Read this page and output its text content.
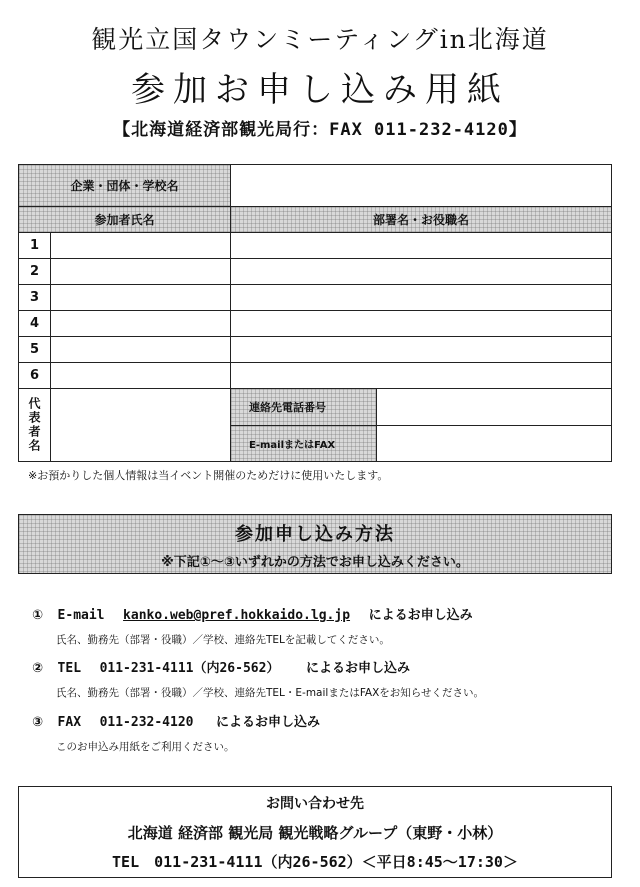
観光立国タウンミーティングin北海道
参加お申し込み用紙
【北海道経済部観光局行：FAX 011-232-4120】
企業・団体・学校名
参加者氏名	部署名・お役職名
1
2
3
4
5
6
代表者名	連絡先電話番号
E-mailまたはFAX
※お預かりした個人情報は当イベント開催のためだけに使用いたします。
参加申し込み方法
※下記①～③いずれかの方法でお申し込みください。
① E-mail kanko.web@pref.hokkaido.lg.jp によるお申し込み
氏名、勤務先（部署・役職）／学校、連絡先TELを記載してください。
② TEL 011-231-4111（内26-562） によるお申し込み
氏名、勤務先（部署・役職）／学校、連絡先TEL・E-mailまたはFAXをお知らせください。
③ FAX 011-232-4120 によるお申し込み
このお申込み用紙をご利用ください。
お問い合わせ先
北海道 経済部 観光局 観光戦略グループ（東野・小林）
TEL　011-231-4111（内26-562）＜平日8:45～17:30＞
